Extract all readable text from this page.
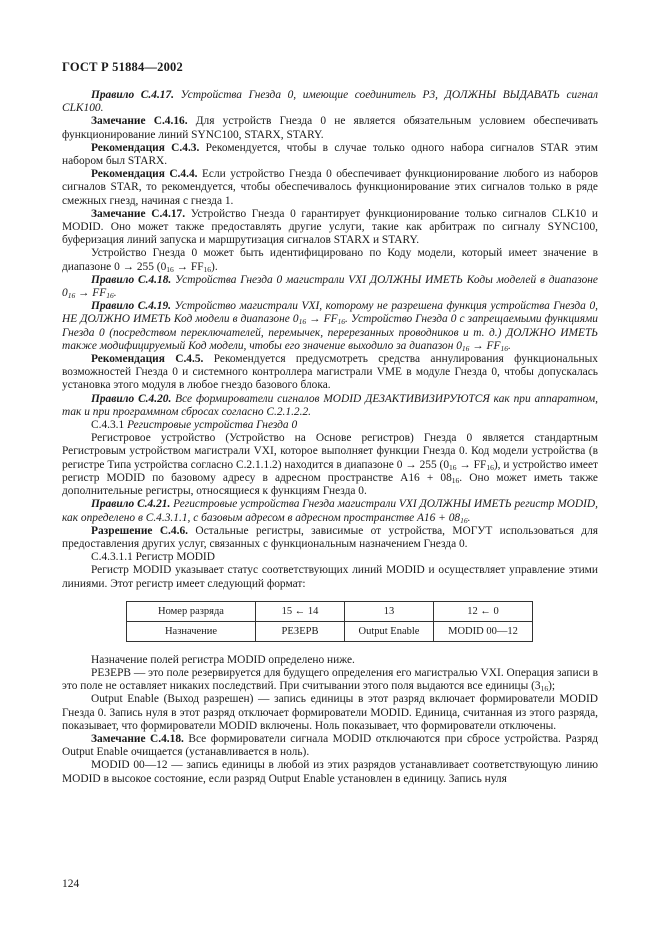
ГОСТ Р 51884—2002

Правило С.4.17. Устройства Гнезда 0, имеющие соединитель Р3, ДОЛЖНЫ ВЫДАВАТЬ сигнал CLK100.

Замечание С.4.16. Для устройств Гнезда 0 не является обязательным условием обеспечивать функционирование линий SYNC100, STARX, STARY.

Рекомендация С.4.3. Рекомендуется, чтобы в случае только одного набора сигналов STAR этим набором был STARX.

Рекомендация С.4.4. Если устройство Гнезда 0 обеспечивает функционирование любого из наборов сигналов STAR, то рекомендуется, чтобы обеспечивалось функционирование этих сигналов только в ряде смежных гнезд, начиная с гнезда 1.

Замечание С.4.17. Устройство Гнезда 0 гарантирует функционирование только сигналов CLK10 и MODID. Оно может также предоставлять другие услуги, такие как арбитраж по сигналу SYNC100, буферизация линий запуска и маршрутизация сигналов STARX и STARY.

Устройство Гнезда 0 может быть идентифицировано по Коду модели, который имеет значение в диапазоне 0 → 255 $(0_{16} \to FF_{16})$.

Правило С.4.18. Устройства Гнезда 0 магистрали VXI ДОЛЖНЫ ИМЕТЬ Коды моделей в диапазоне $0_{16} \to FF_{16}$.

Правило С.4.19. Устройство магистрали VXI, которому не разрешена функция устройства Гнезда 0, НЕ ДОЛЖНО ИМЕТЬ Код модели в диапазоне $0_{16} \to FF_{16}$. Устройство Гнезда 0 с запрещаемыми функциями Гнезда 0 (посредством переключателей, перемычек, перерезанных проводников и т. д.) ДОЛЖНО ИМЕТЬ также модифицируемый Код модели, чтобы его значение выходило за диапазон $0_{16} \to FF_{16}$.

Рекомендация С.4.5. Рекомендуется предусмотреть средства аннулирования функциональных возможностей Гнезда 0 и системного контроллера магистрали VME в модуле Гнезда 0, чтобы допускалась установка этого модуля в любое гнездо базового блока.

Правило С.4.20. Все формирователи сигналов MODID ДЕЗАКТИВИЗИРУЮТСЯ как при аппаратном, так и при программном сбросах согласно С.2.1.2.2.

С.4.3.1 Регистровые устройства Гнезда 0

Регистровое устройство (Устройство на Основе регистров) Гнезда 0 является стандартным Регистровым устройством магистрали VXI, которое выполняет функции Гнезда 0. Код модели устройства (в регистре Типа устройства согласно С.2.1.1.2) находится в диапазоне 0 → 255 $(0_{16} \to FF_{16})$, и устройство имеет регистр MODID по базовому адресу в адресном пространстве $А16 + 08_{16}$. Оно может иметь также дополнительные регистры, относящиеся к функциям Гнезда 0.

Правило С.4.21. Регистровые устройства Гнезда магистрали VXI ДОЛЖНЫ ИМЕТЬ регистр MODID, как определено в С.4.3.1.1, с базовым адресом в адресном пространстве $А16 + 08_{16}$.

Разрешение С.4.6. Остальные регистры, зависимые от устройства, МОГУТ использоваться для предоставления других услуг, связанных с функциональным назначением Гнезда 0.

С.4.3.1.1 Регистр MODID

Регистр MODID указывает статус соответствующих линий MODID и осуществляет управление этими линиями. Этот регистр имеет следующий формат:

Номер разряда	15 ← 14	13	12 ← 0
Назначение	РЕЗЕРВ	Output Enable	MODID 00—12

Назначение полей регистра MODID определено ниже.

РЕЗЕРВ — это поле резервируется для будущего определения его магистралью VXI. Операция записи в это поле не оставляет никаких последствий. При считывании этого поля выдаются все единицы $(3_{16})$;

Output Enable (Выход разрешен) — запись единицы в этот разряд включает формирователи MODID Гнезда 0. Запись нуля в этот разряд отключает формирователи MODID. Единица, считанная из этого разряда, показывает, что формирователи MODID включены. Ноль показывает, что формирователи отключены.

Замечание С.4.18. Все формирователи сигнала MODID отключаются при сбросе устройства. Разряд Output Enable очищается (устанавливается в ноль).

MODID 00—12 — запись единицы в любой из этих разрядов устанавливает соответствующую линию MODID в высокое состояние, если разряд Output Enable установлен в единицу. Запись нуля

124
